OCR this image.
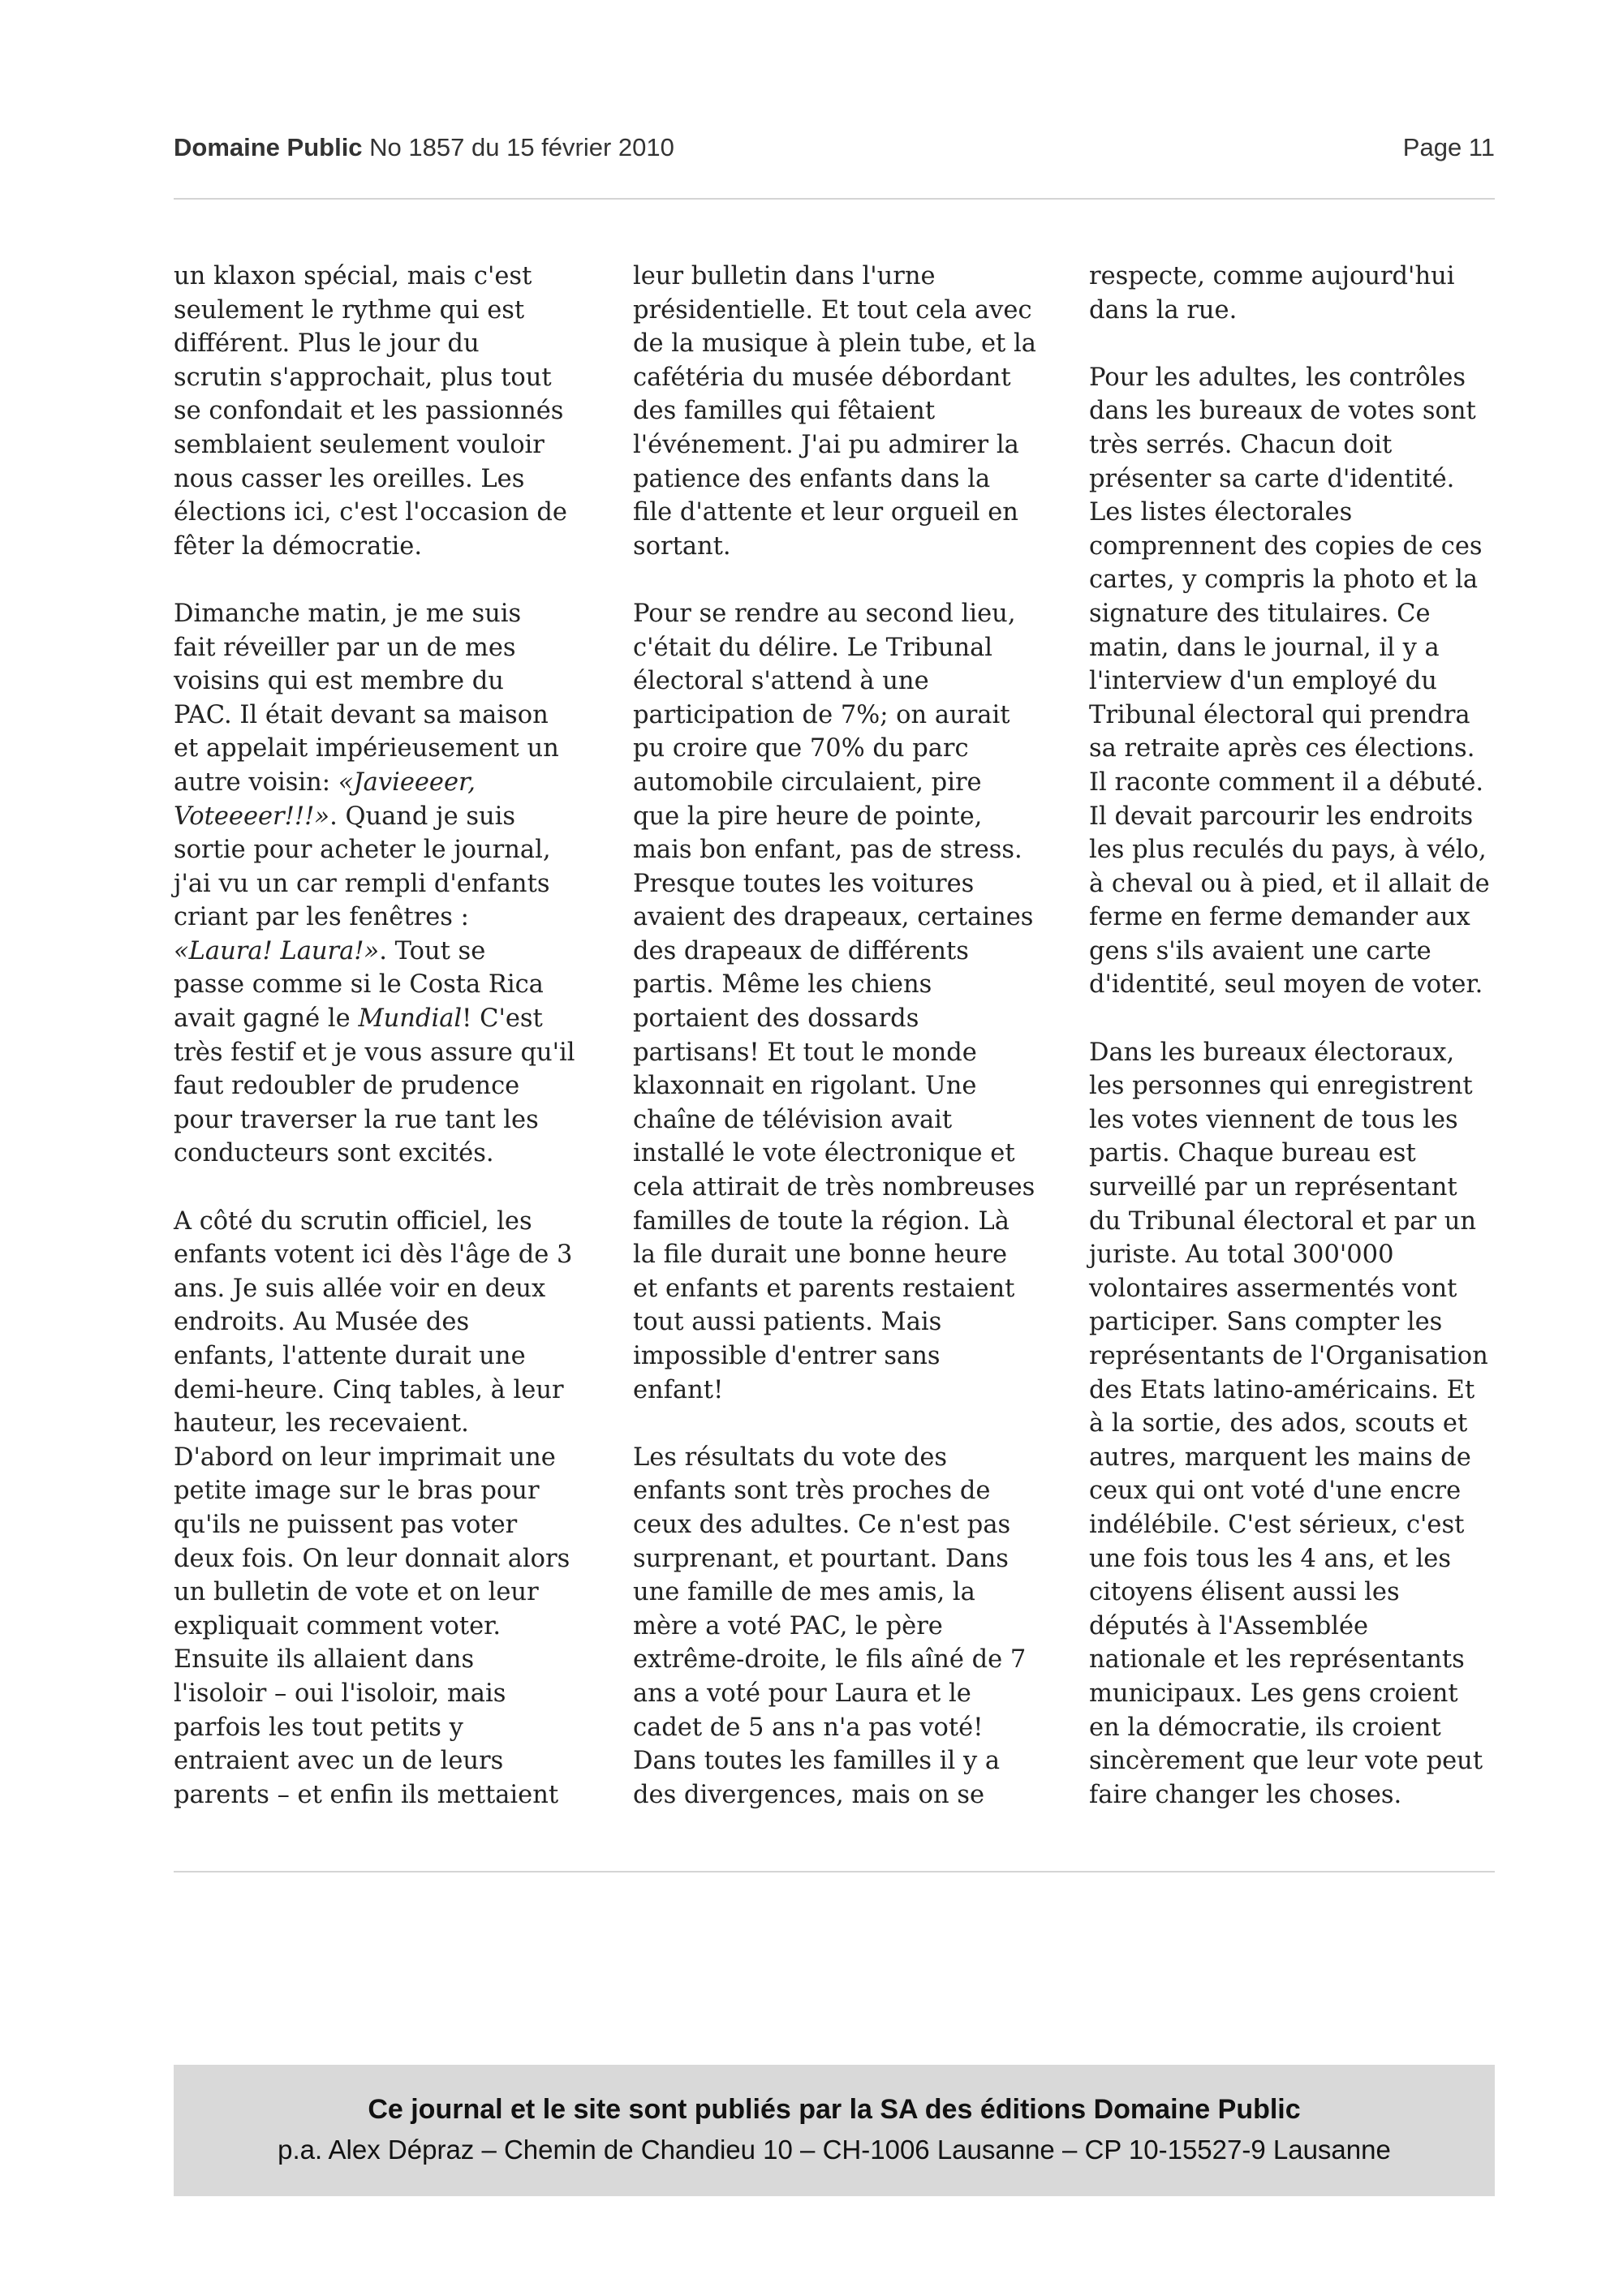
Domaine Public No 1857 du 15 février 2010	Page 11
un klaxon spécial, mais c'est
seulement le rythme qui est
différent. Plus le jour du
scrutin s'approchait, plus tout
se confondait et les passionnés
semblaient seulement vouloir
nous casser les oreilles. Les
élections ici, c'est l'occasion de
fêter la démocratie.
Dimanche matin, je me suis
fait réveiller par un de mes
voisins qui est membre du
PAC. Il était devant sa maison
et appelait impérieusement un
autre voisin: «Javieeeer,
Voteeeer!!!». Quand je suis
sortie pour acheter le journal,
j'ai vu un car rempli d'enfants
criant par les fenêtres :
«Laura! Laura!». Tout se
passe comme si le Costa Rica
avait gagné le Mundial! C'est
très festif et je vous assure qu'il
faut redoubler de prudence
pour traverser la rue tant les
conducteurs sont excités.
A côté du scrutin officiel, les
enfants votent ici dès l'âge de 3
ans. Je suis allée voir en deux
endroits. Au Musée des
enfants, l'attente durait une
demi-heure. Cinq tables, à leur
hauteur, les recevaient.
D'abord on leur imprimait une
petite image sur le bras pour
qu'ils ne puissent pas voter
deux fois. On leur donnait alors
un bulletin de vote et on leur
expliquait comment voter.
Ensuite ils allaient dans
l'isoloir – oui l'isoloir, mais
parfois les tout petits y
entraient avec un de leurs
parents – et enfin ils mettaient
leur bulletin dans l'urne
présidentielle. Et tout cela avec
de la musique à plein tube, et la
cafétéria du musée débordant
des familles qui fêtaient
l'événement. J'ai pu admirer la
patience des enfants dans la
file d'attente et leur orgueil en
sortant.
Pour se rendre au second lieu,
c'était du délire. Le Tribunal
électoral s'attend à une
participation de 7%; on aurait
pu croire que 70% du parc
automobile circulaient, pire
que la pire heure de pointe,
mais bon enfant, pas de stress.
Presque toutes les voitures
avaient des drapeaux, certaines
des drapeaux de différents
partis. Même les chiens
portaient des dossards
partisans! Et tout le monde
klaxonnait en rigolant. Une
chaîne de télévision avait
installé le vote électronique et
cela attirait de très nombreuses
familles de toute la région. Là
la file durait une bonne heure
et enfants et parents restaient
tout aussi patients. Mais
impossible d'entrer sans
enfant!
Les résultats du vote des
enfants sont très proches de
ceux des adultes. Ce n'est pas
surprenant, et pourtant. Dans
une famille de mes amis, la
mère a voté PAC, le père
extrême-droite, le fils aîné de 7
ans a voté pour Laura et le
cadet de 5 ans n'a pas voté!
Dans toutes les familles il y a
des divergences, mais on se
respecte, comme aujourd'hui
dans la rue.
Pour les adultes, les contrôles
dans les bureaux de votes sont
très serrés. Chacun doit
présenter sa carte d'identité.
Les listes électorales
comprennent des copies de ces
cartes, y compris la photo et la
signature des titulaires. Ce
matin, dans le journal, il y a
l'interview d'un employé du
Tribunal électoral qui prendra
sa retraite après ces élections.
Il raconte comment il a débuté.
Il devait parcourir les endroits
les plus reculés du pays, à vélo,
à cheval ou à pied, et il allait de
ferme en ferme demander aux
gens s'ils avaient une carte
d'identité, seul moyen de voter.
Dans les bureaux électoraux,
les personnes qui enregistrent
les votes viennent de tous les
partis. Chaque bureau est
surveillé par un représentant
du Tribunal électoral et par un
juriste. Au total 300'000
volontaires assermentés vont
participer. Sans compter les
représentants de l'Organisation
des Etats latino-américains. Et
à la sortie, des ados, scouts et
autres, marquent les mains de
ceux qui ont voté d'une encre
indélébile. C'est sérieux, c'est
une fois tous les 4 ans, et les
citoyens élisent aussi les
députés à l'Assemblée
nationale et les représentants
municipaux. Les gens croient
en la démocratie, ils croient
sincèrement que leur vote peut
faire changer les choses.
Ce journal et le site sont publiés par la SA des éditions Domaine Public
p.a. Alex Dépraz – Chemin de Chandieu 10 – CH-1006 Lausanne – CP 10-15527-9 Lausanne
